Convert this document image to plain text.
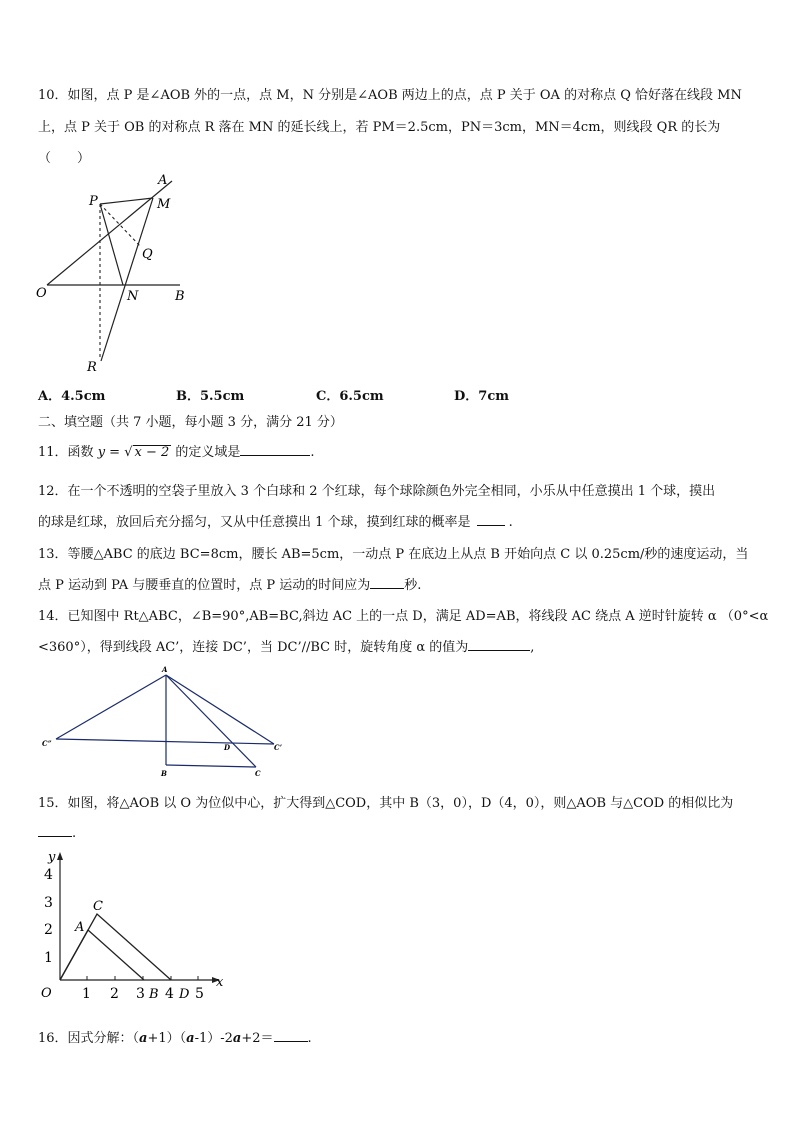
10．如图，点 P 是∠AOB 外的一点，点 M，N 分别是∠AOB 两边上的点，点 P 关于 OA 的对称点 Q 恰好落在线段 MN
上，点 P 关于 OB 的对称点 R 落在 MN 的延长线上，若 PM＝2.5cm，PN＝3cm，MN＝4cm，则线段 QR 的长为
（　　）
A
P	M
Q
O	N	B
R
A．4.5cm	B．5.5cm	C．6.5cm	D．7cm
二、填空题（共 7 小题，每小题 3 分，满分 21 分）
11．函数 y = √ x − 2 的定义域是	.
12．在一个不透明的空袋子里放入 3 个白球和 2 个红球，每个球除颜色外完全相同，小乐从中任意摸出 1 个球，摸出
的球是红球，放回后充分摇匀，又从中任意摸出 1 个球，摸到红球的概率是	.
13．等腰△ABC 的底边 BC=8cm，腰长 AB=5cm，一动点 P 在底边上从点 B 开始向点 C 以 0.25cm/秒的速度运动，当
点 P 运动到 PA 与腰垂直的位置时，点 P 运动的时间应为	秒.
14．已知图中 Rt△ABC，∠B=90°,AB=BC,斜边 AC 上的一点 D，满足 AD=AB，将线段 AC 绕点 A 逆时针旋转 α （0°<α
<360°），得到线段 AC’，连接 DC’，当 DC’//BC 时，旋转角度 α 的值为	,
A
C”	D	C’
B	C
15．如图，将△AOB 以 O 为位似中心，扩大得到△COD，其中 B（3，0），D（4，0），则△AOB 与△COD 的相似比为
.
y
x
O
4
3
2
1
1 2 3 4 5
A
C
B D
16．因式分解：（a+1）（a-1）-2a+2＝	.
